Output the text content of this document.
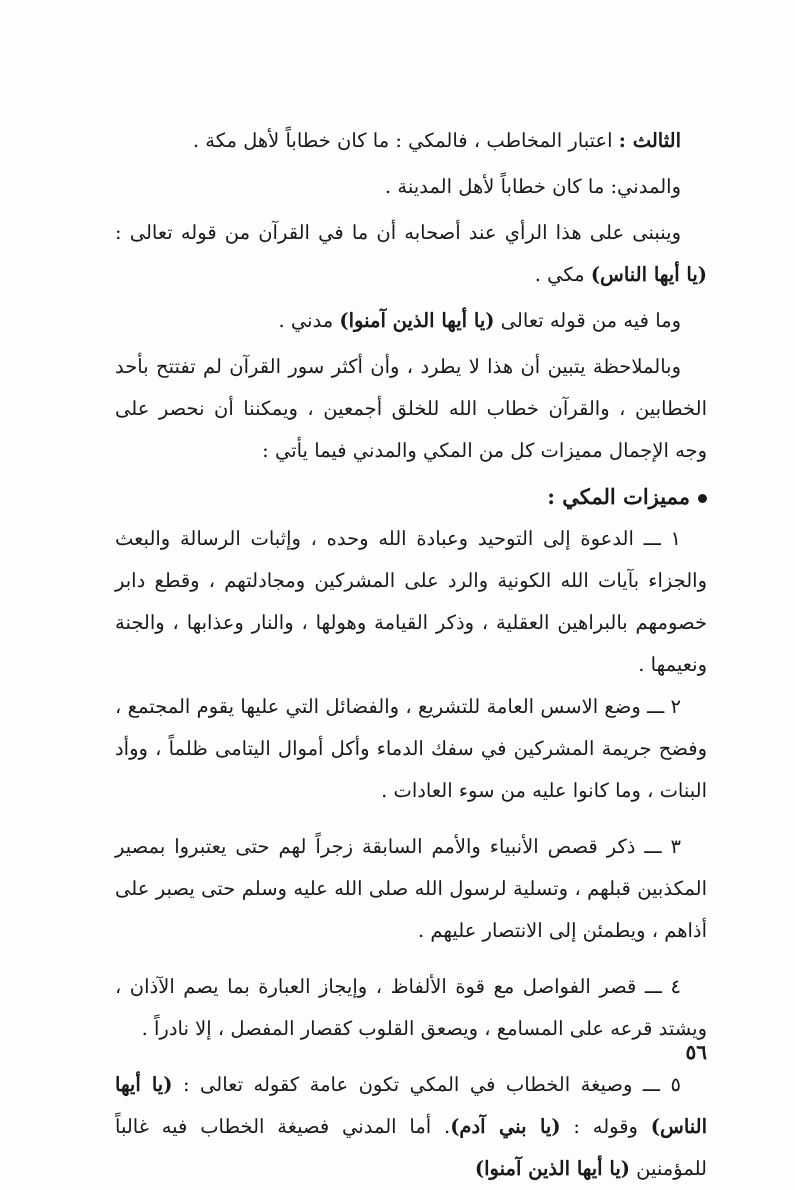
الثالث : اعتبار المخاطب ، فالمكي : ما كان خطاباً لأهل مكة .

والمدني: ما كان خطاباً لأهل المدينة .

وينبنى على هذا الرأي عند أصحابه أن ما في القرآن من قوله تعالى : (يا أيها الناس) مكي .

وما فيه من قوله تعالى (يا أيها الذين آمنوا) مدني .

وبالملاحظة يتبين أن هذا لا يطرد ، وأن أكثر سور القرآن لم تفتتح بأحد الخطابين ، والقرآن خطاب الله للخلق أجمعين ، ويمكننا أن نحصر على وجه الإجمال مميزات كل من المكي والمدني فيما يأتي :

مميزات المكي :

١ ـــ الدعوة إلى التوحيد وعبادة الله وحده ، وإثبات الرسالة والبعث والجزاء بآيات الله الكونية والرد على المشركين ومجادلتهم ، وقطع دابر خصومهم بالبراهين العقلية ، وذكر القيامة وهولها ، والنار وعذابها ، والجنة ونعيمها .

٢ ـــ وضع الاسس العامة للتشريع ، والفضائل التي عليها يقوم المجتمع ، وفضح جريمة المشركين في سفك الدماء وأكل أموال اليتامى ظلماً ، ووأد البنات ، وما كانوا عليه من سوء العادات .

٣ ـــ ذكر قصص الأنبياء والأمم السابقة زجراً لهم حتى يعتبروا بمصير المكذبين قبلهم ، وتسلية لرسول الله صلى الله عليه وسلم حتى يصبر على أذاهم ، ويطمئن إلى الانتصار عليهم .

٤ ـــ قصر الفواصل مع قوة الألفاظ ، وإيجاز العبارة بما يصم الآذان ، ويشتد قرعه على المسامع ، ويصعق القلوب كقصار المفصل ، إلا نادراً .

٥ ـــ وصيغة الخطاب في المكي تكون عامة كقوله تعالى : (يا أيها الناس) وقوله : (يا بني آدم). أما المدني فصيغة الخطاب فيه غالباً للمؤمنين (يا أيها الذين آمنوا)

٥٦
